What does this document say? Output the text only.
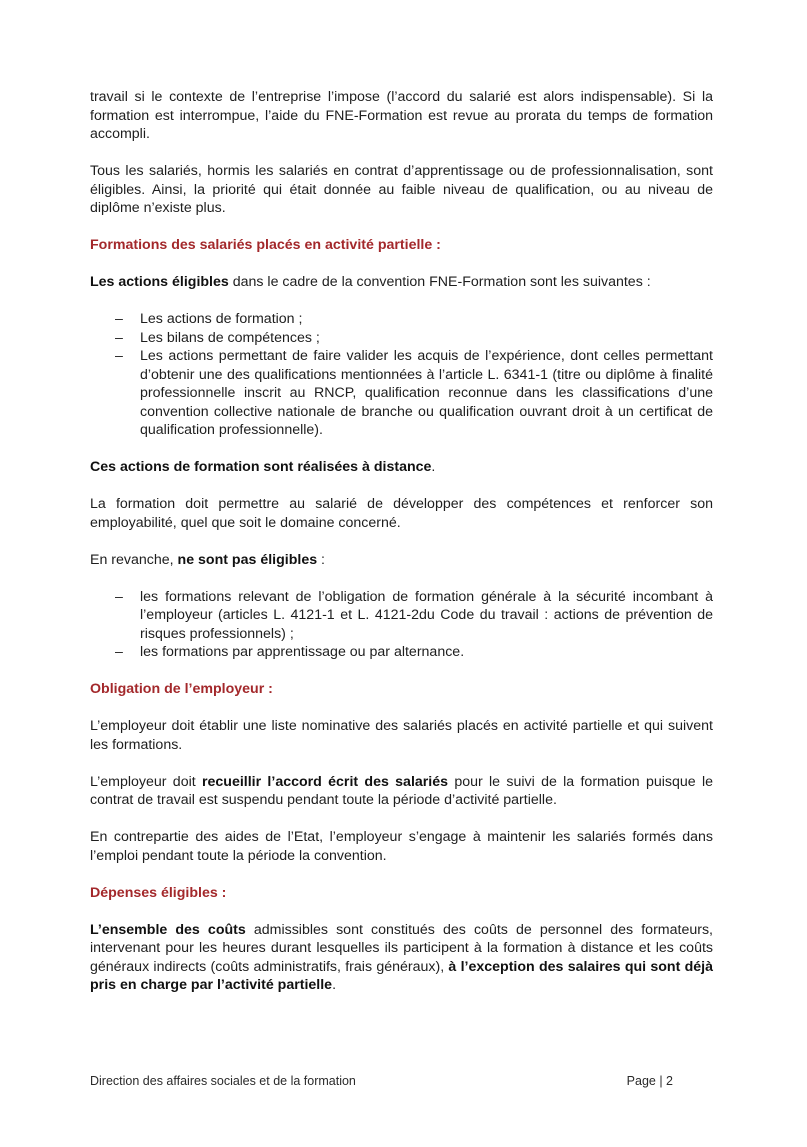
travail si le contexte de l’entreprise l’impose (l’accord du salarié est alors indispensable). Si la formation est interrompue, l’aide du FNE-Formation est revue au prorata du temps de formation accompli.

Tous les salariés, hormis les salariés en contrat d’apprentissage ou de professionnalisation, sont éligibles. Ainsi, la priorité qui était donnée au faible niveau de qualification, ou au niveau de diplôme n’existe plus.

Formations des salariés placés en activité partielle :

Les actions éligibles dans le cadre de la convention FNE-Formation sont les suivantes :

– Les actions de formation ;
– Les bilans de compétences ;
– Les actions permettant de faire valider les acquis de l’expérience, dont celles permettant d’obtenir une des qualifications mentionnées à l’article L. 6341-1 (titre ou diplôme à finalité professionnelle inscrit au RNCP, qualification reconnue dans les classifications d’une convention collective nationale de branche ou qualification ouvrant droit à un certificat de qualification professionnelle).

Ces actions de formation sont réalisées à distance.

La formation doit permettre au salarié de développer des compétences et renforcer son employabilité, quel que soit le domaine concerné.

En revanche, ne sont pas éligibles :

– les formations relevant de l’obligation de formation générale à la sécurité incombant à l’employeur (articles L. 4121-1 et L. 4121-2du Code du travail : actions de prévention de risques professionnels) ;
– les formations par apprentissage ou par alternance.
Obligation de l’employeur :

L’employeur doit établir une liste nominative des salariés placés en activité partielle et qui suivent les formations.

L’employeur doit recueillir l’accord écrit des salariés pour le suivi de la formation puisque le contrat de travail est suspendu pendant toute la période d’activité partielle.

En contrepartie des aides de l’Etat, l’employeur s’engage à maintenir les salariés formés dans l’emploi pendant toute la période la convention.

Dépenses éligibles :

L’ensemble des coûts admissibles sont constitués des coûts de personnel des formateurs, intervenant pour les heures durant lesquelles ils participent à la formation à distance et les coûts généraux indirects (coûts administratifs, frais généraux), à l’exception des salaires qui sont déjà pris en charge par l’activité partielle.

Direction des affaires sociales et de la formation	Page | 2
